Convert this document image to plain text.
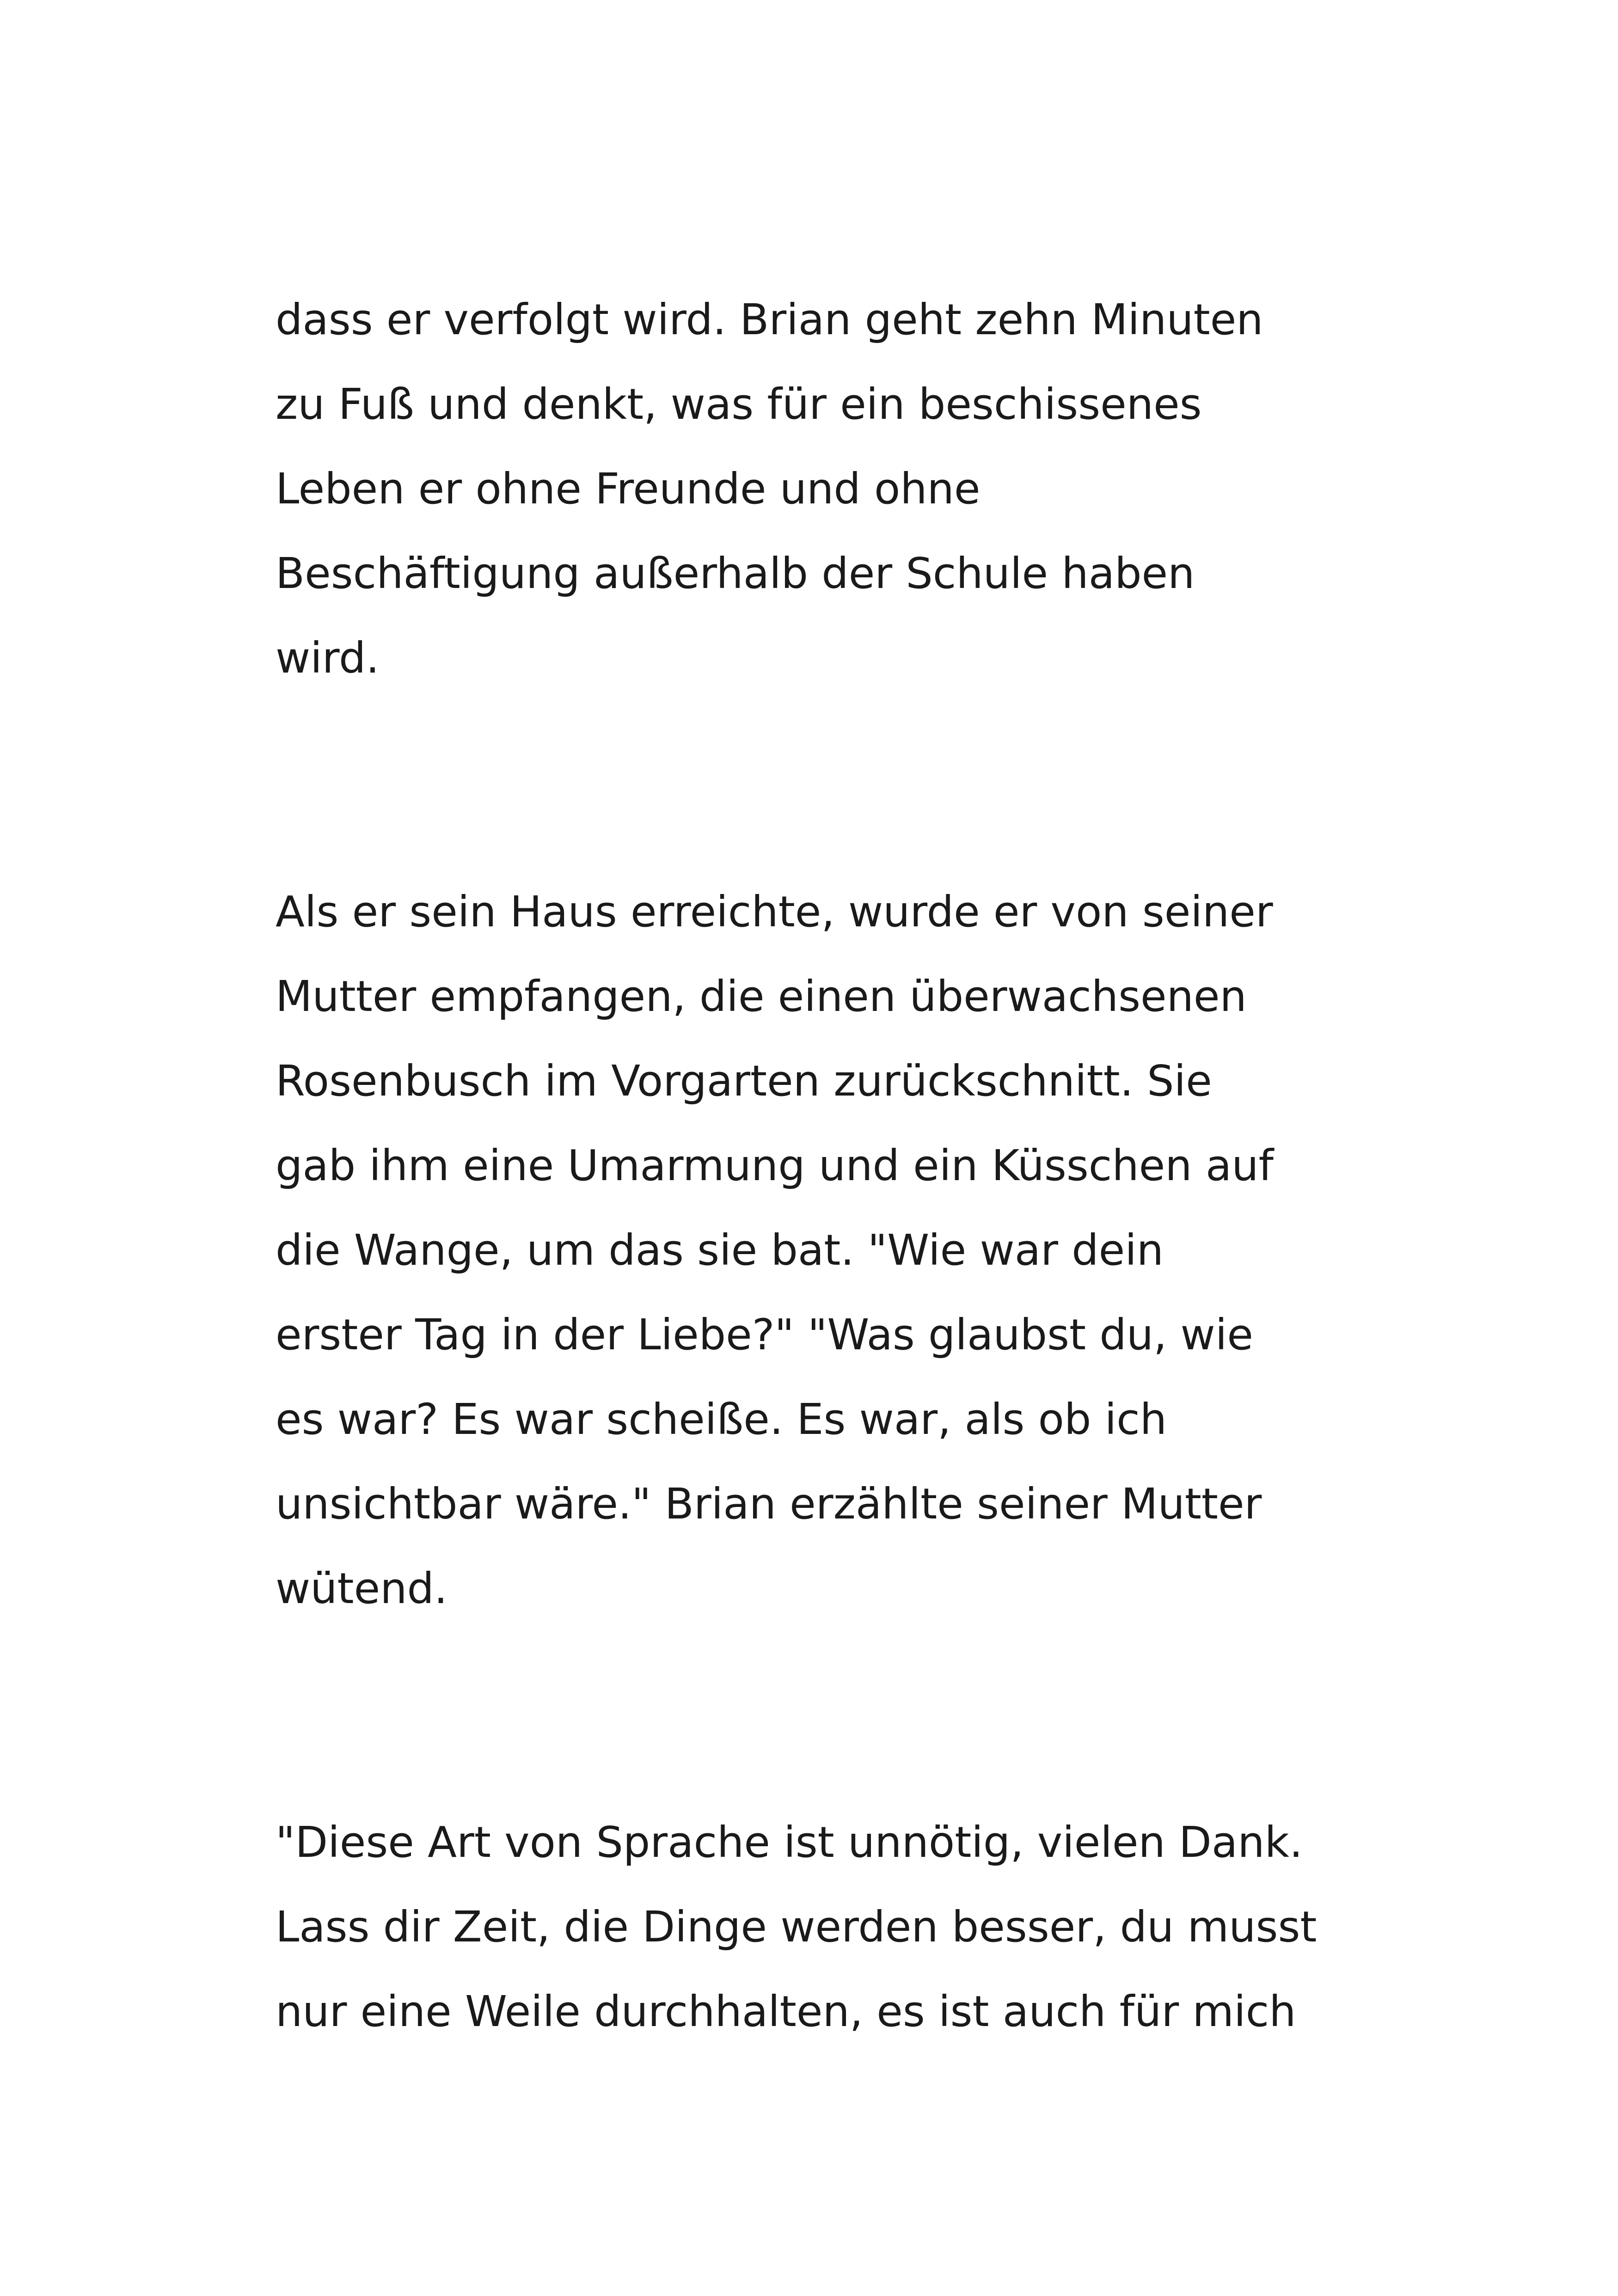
dass er verfolgt wird. Brian geht zehn Minuten
zu Fuß und denkt, was für ein beschissenes
Leben er ohne Freunde und ohne
Beschäftigung außerhalb der Schule haben
wird.

Als er sein Haus erreichte, wurde er von seiner
Mutter empfangen, die einen überwachsenen
Rosenbusch im Vorgarten zurückschnitt. Sie
gab ihm eine Umarmung und ein Küsschen auf
die Wange, um das sie bat. "Wie war dein
erster Tag in der Liebe?" "Was glaubst du, wie
es war? Es war scheiße. Es war, als ob ich
unsichtbar wäre." Brian erzählte seiner Mutter
wütend.

"Diese Art von Sprache ist unnötig, vielen Dank.
Lass dir Zeit, die Dinge werden besser, du musst
nur eine Weile durchhalten, es ist auch für mich
